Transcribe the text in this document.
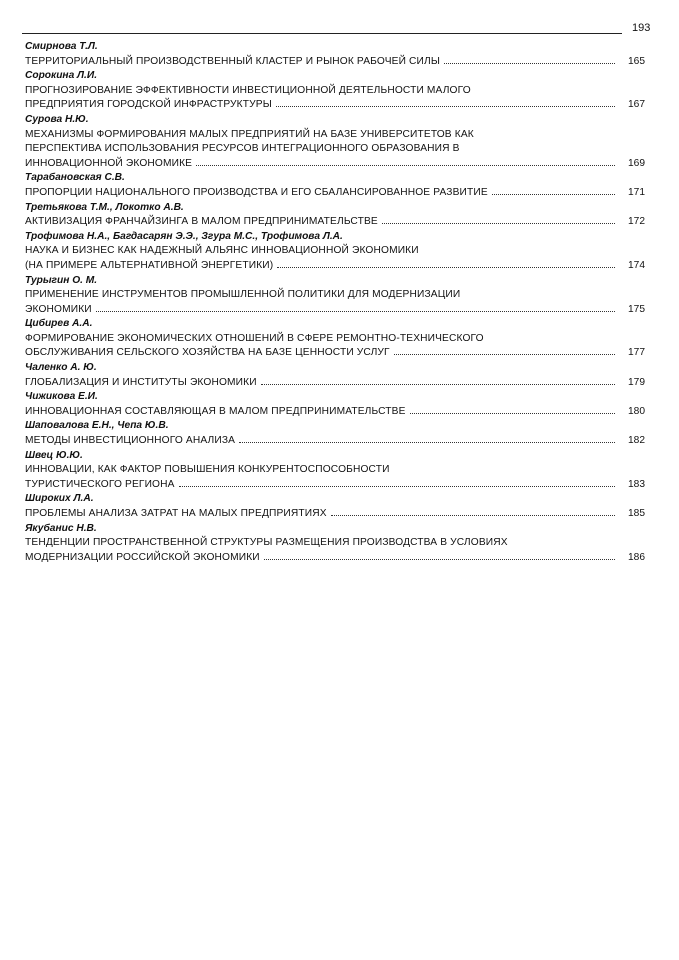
193
Смирнова Т.Л.
ТЕРРИТОРИАЛЬНЫЙ ПРОИЗВОДСТВЕННЫЙ КЛАСТЕР И РЫНОК РАБОЧЕЙ СИЛЫ	165
Сорокина Л.И.
ПРОГНОЗИРОВАНИЕ ЭФФЕКТИВНОСТИ ИНВЕСТИЦИОННОЙ ДЕЯТЕЛЬНОСТИ МАЛОГО
ПРЕДПРИЯТИЯ ГОРОДСКОЙ ИНФРАСТРУКТУРЫ	167
Сурова Н.Ю.
МЕХАНИЗМЫ ФОРМИРОВАНИЯ МАЛЫХ ПРЕДПРИЯТИЙ НА БАЗЕ УНИВЕРСИТЕТОВ КАК
ПЕРСПЕКТИВА ИСПОЛЬЗОВАНИЯ РЕСУРСОВ ИНТЕГРАЦИОННОГО ОБРАЗОВАНИЯ В
ИННОВАЦИОННОЙ ЭКОНОМИКЕ	169
Тарабановская С.В.
ПРОПОРЦИИ НАЦИОНАЛЬНОГО ПРОИЗВОДСТВА И ЕГО СБАЛАНСИРОВАННОЕ РАЗВИТИЕ	171
Третьякова Т.М., Локотко А.В.
АКТИВИЗАЦИЯ ФРАНЧАЙЗИНГА В МАЛОМ ПРЕДПРИНИМАТЕЛЬСТВЕ	172
Трофимова Н.А., Багдасарян Э.Э., Згура М.С., Трофимова Л.А.
НАУКА И БИЗНЕС КАК НАДЕЖНЫЙ АЛЬЯНС ИННОВАЦИОННОЙ ЭКОНОМИКИ
(НА ПРИМЕРЕ АЛЬТЕРНАТИВНОЙ ЭНЕРГЕТИКИ)	174
Турыгин О. М.
ПРИМЕНЕНИЕ ИНСТРУМЕНТОВ ПРОМЫШЛЕННОЙ ПОЛИТИКИ ДЛЯ МОДЕРНИЗАЦИИ
ЭКОНОМИКИ	175
Цибирев А.А.
ФОРМИРОВАНИЕ ЭКОНОМИЧЕСКИХ ОТНОШЕНИЙ В СФЕРЕ РЕМОНТНО-ТЕХНИЧЕСКОГО
ОБСЛУЖИВАНИЯ СЕЛЬСКОГО ХОЗЯЙСТВА НА БАЗЕ ЦЕННОСТИ УСЛУГ	177
Чаленко А. Ю.
ГЛОБАЛИЗАЦИЯ И ИНСТИТУТЫ ЭКОНОМИКИ	179
Чижикова Е.И.
ИННОВАЦИОННАЯ СОСТАВЛЯЮЩАЯ В МАЛОМ ПРЕДПРИНИМАТЕЛЬСТВЕ	180
Шаповалова Е.Н., Чепа Ю.В.
МЕТОДЫ ИНВЕСТИЦИОННОГО АНАЛИЗА	182
Швец Ю.Ю.
ИННОВАЦИИ, КАК ФАКТОР ПОВЫШЕНИЯ КОНКУРЕНТОСПОСОБНОСТИ
ТУРИСТИЧЕСКОГО РЕГИОНА	183
Широких Л.А.
ПРОБЛЕМЫ АНАЛИЗА ЗАТРАТ НА МАЛЫХ ПРЕДПРИЯТИЯХ	185
Якубанис Н.В.
ТЕНДЕНЦИИ ПРОСТРАНСТВЕННОЙ СТРУКТУРЫ РАЗМЕЩЕНИЯ ПРОИЗВОДСТВА В УСЛОВИЯХ
МОДЕРНИЗАЦИИ РОССИЙСКОЙ ЭКОНОМИКИ	186
